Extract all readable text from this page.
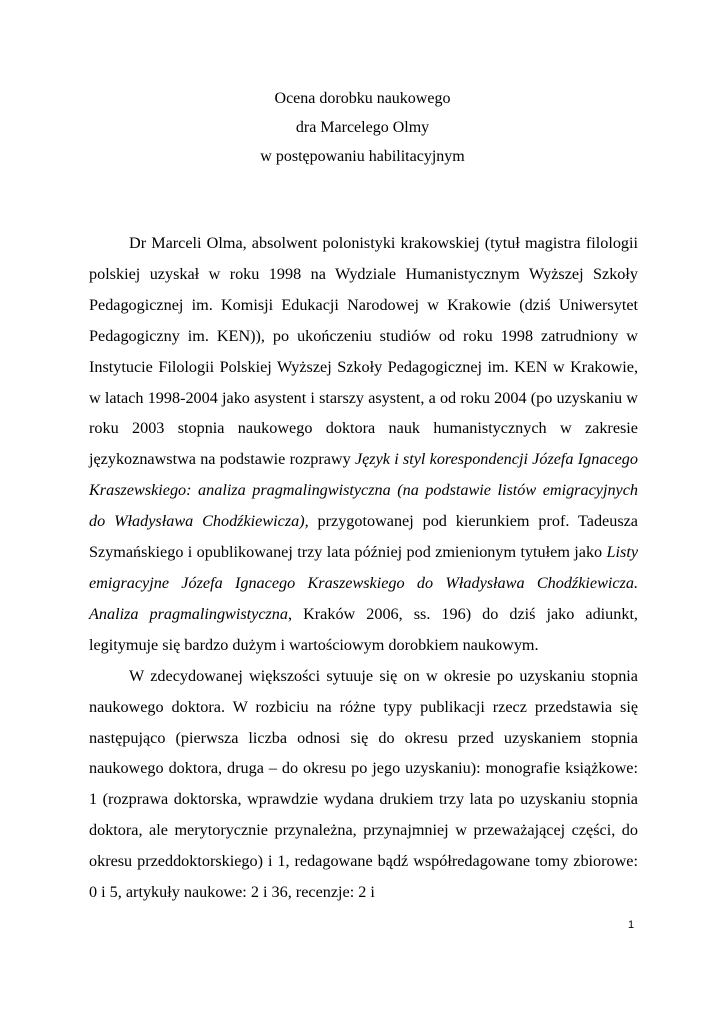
Ocena dorobku naukowego
dra Marcelego Olmy
w postępowaniu habilitacyjnym

Dr Marceli Olma, absolwent polonistyki krakowskiej (tytuł magistra filologii polskiej uzyskał w roku 1998 na Wydziale Humanistycznym Wyższej Szkoły Pedagogicznej im. Komisji Edukacji Narodowej w Krakowie (dziś Uniwersytet Pedagogiczny im. KEN)), po ukończeniu studiów od roku 1998 zatrudniony w Instytucie Filologii Polskiej Wyższej Szkoły Pedagogicznej im. KEN w Krakowie, w latach 1998-2004 jako asystent i starszy asystent, a od roku 2004 (po uzyskaniu w roku 2003 stopnia naukowego doktora nauk humanistycznych w zakresie językoznawstwa na podstawie rozprawy Język i styl korespondencji Józefa Ignacego Kraszewskiego: analiza pragmalingwistyczna (na podstawie listów emigracyjnych do Władysława Chodźkiewicza), przygotowanej pod kierunkiem prof. Tadeusza Szymańskiego i opublikowanej trzy lata później pod zmienionym tytułem jako Listy emigracyjne Józefa Ignacego Kraszewskiego do Władysława Chodźkiewicza. Analiza pragmalingwistyczna, Kraków 2006, ss. 196) do dziś jako adiunkt, legitymuje się bardzo dużym i wartościowym dorobkiem naukowym.

W zdecydowanej większości sytuuje się on w okresie po uzyskaniu stopnia naukowego doktora. W rozbiciu na różne typy publikacji rzecz przedstawia się następująco (pierwsza liczba odnosi się do okresu przed uzyskaniem stopnia naukowego doktora, druga – do okresu po jego uzyskaniu): monografie książkowe: 1 (rozprawa doktorska, wprawdzie wydana drukiem trzy lata po uzyskaniu stopnia doktora, ale merytorycznie przynależna, przynajmniej w przeważającej części, do okresu przeddoktorskiego) i 1, redagowane bądź współredagowane tomy zbiorowe: 0 i 5, artykuły naukowe: 2 i 36, recenzje: 2 i

1
